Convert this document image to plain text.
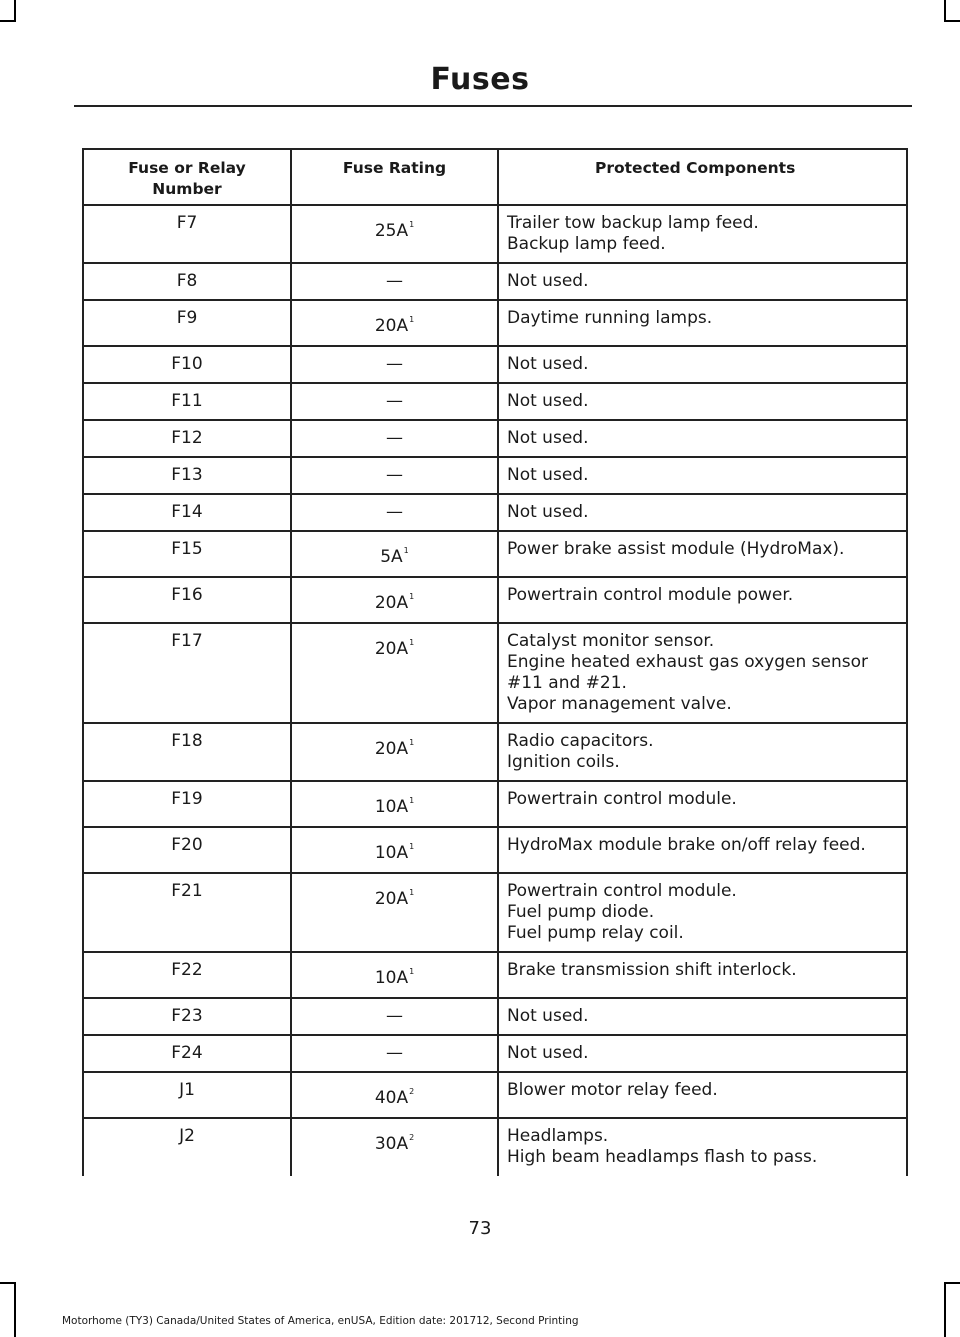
Fuses
Fuse or Relay Number	Fuse Rating	Protected Components
F7	$25A^1$	Trailer tow backup lamp feed.
Backup lamp feed.

F8	—	Not used.

F9	$20A^1$	Daytime running lamps.

F10	—	Not used.

F11	—	Not used.

F12	—	Not used.

F13	—	Not used.

F14	—	Not used.

F15	$5A^1$	Power brake assist module (HydroMax).

F16	$20A^1$	Powertrain control module power.

F17	$20A^1$	Catalyst monitor sensor.
Engine heated exhaust gas oxygen sensor #11 and #21.
Vapor management valve.

F18	$20A^1$	Radio capacitors.
Ignition coils.

F19	$10A^1$	Powertrain control module.

F20	$10A^1$	HydroMax module brake on/off relay feed.

F21	$20A^1$	Powertrain control module.
Fuel pump diode.
Fuel pump relay coil.

F22	$10A^1$	Brake transmission shift interlock.

F23	—	Not used.

F24	—	Not used.

J1	$40A^2$	Blower motor relay feed.

J2	$30A^2$	Headlamps.
High beam headlamps flash to pass.
73
Motorhome (TY3) Canada/United States of America, enUSA, Edition date: 201712, Second Printing
